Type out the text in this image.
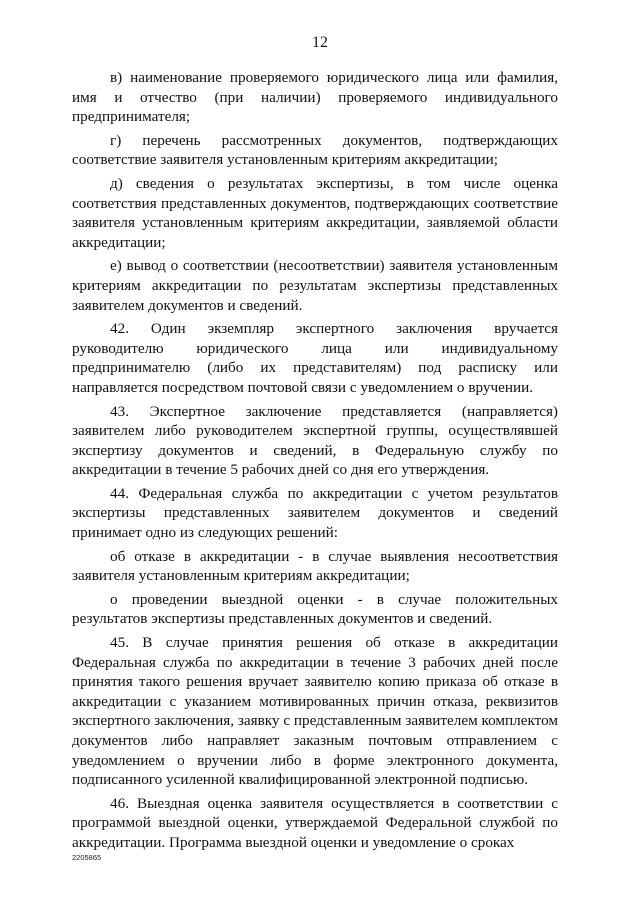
12

в) наименование проверяемого юридического лица или фамилия, имя и отчество (при наличии) проверяемого индивидуального предпринимателя;

г) перечень рассмотренных документов, подтверждающих соответствие заявителя установленным критериям аккредитации;

д) сведения о результатах экспертизы, в том числе оценка соответствия представленных документов, подтверждающих соответствие заявителя установленным критериям аккредитации, заявляемой области аккредитации;

е) вывод о соответствии (несоответствии) заявителя установленным критериям аккредитации по результатам экспертизы представленных заявителем документов и сведений.

42. Один экземпляр экспертного заключения вручается руководителю юридического лица или индивидуальному предпринимателю (либо их представителям) под расписку или направляется посредством почтовой связи с уведомлением о вручении.

43. Экспертное заключение представляется (направляется) заявителем либо руководителем экспертной группы, осуществлявшей экспертизу документов и сведений, в Федеральную службу по аккредитации в течение 5 рабочих дней со дня его утверждения.

44. Федеральная служба по аккредитации с учетом результатов экспертизы представленных заявителем документов и сведений принимает одно из следующих решений:

об отказе в аккредитации - в случае выявления несоответствия заявителя установленным критериям аккредитации;

о проведении выездной оценки - в случае положительных результатов экспертизы представленных документов и сведений.

45. В случае принятия решения об отказе в аккредитации Федеральная служба по аккредитации в течение 3 рабочих дней после принятия такого решения вручает заявителю копию приказа об отказе в аккредитации с указанием мотивированных причин отказа, реквизитов экспертного заключения, заявку с представленным заявителем комплектом документов либо направляет заказным почтовым отправлением с уведомлением о вручении либо в форме электронного документа, подписанного усиленной квалифицированной электронной подписью.

46. Выездная оценка заявителя осуществляется в соответствии с программой выездной оценки, утверждаемой Федеральной службой по аккредитации. Программа выездной оценки и уведомление о сроках

2205865
